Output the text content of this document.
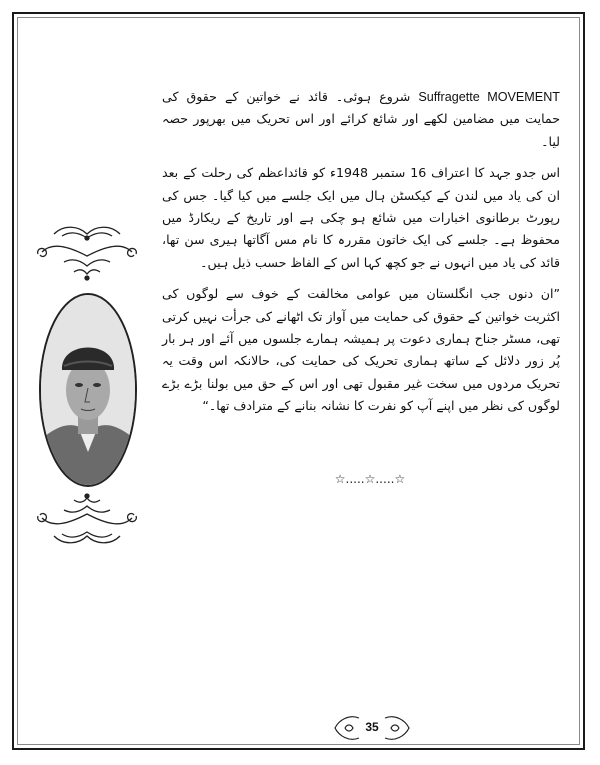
Suffragette MOVEMENT شروع ہوئی۔ قائد نے خواتین کے حقوق کی حمایت میں مضامین لکھے اور شائع کرائے اور اس تحریک میں بھرپور حصہ لیا۔

اس جدو جہد کا اعتراف 16 ستمبر 1948ء کو قائداعظم کی رحلت کے بعد ان کی یاد میں لندن کے کیکسٹن ہال میں ایک جلسے میں کیا گیا۔ جس کی رپورٹ برطانوی اخبارات میں شائع ہو چکی ہے اور تاریخ کے ریکارڈ میں محفوظ ہے۔ جلسے کی ایک خاتون مقررہ کا نام مس آگاتھا ہیری سن تھا، قائد کی یاد میں انہوں نے جو کچھ کہا اس کے الفاظ حسب ذیل ہیں۔

”ان دنوں جب انگلستان میں عوامی مخالفت کے خوف سے لوگوں کی اکثریت خواتین کے حقوق کی حمایت میں آواز تک اٹھانے کی جرأت نہیں کرتی تھی، مسٹر جناح ہماری دعوت پر ہمیشہ ہمارے جلسوں میں آئے اور ہر بار پُر زور دلائل کے ساتھ ہماری تحریک کی حمایت کی، حالانکہ اس وقت یہ تحریک مردوں میں سخت غیر مقبول تھی اور اس کے حق میں بولنا بڑے بڑے لوگوں کی نظر میں اپنے آپ کو نفرت کا نشانہ بنانے کے مترادف تھا۔“

☆.....☆.....☆
35
